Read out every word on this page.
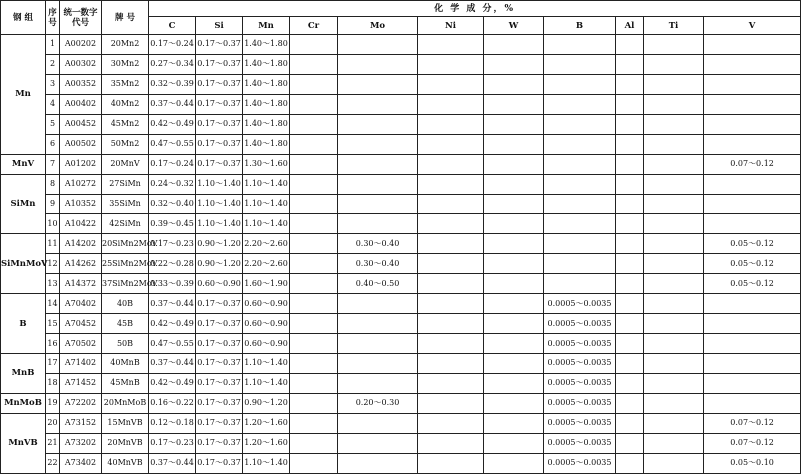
钢 组	序号	统一数字代号	牌 号	化 学 成 分，%										
				C	Si	Mn	Cr	Mo	Ni	W	B	Al	Ti	V
Mn	1	A00202	20Mn2	0.17～0.24	0.17～0.37	1.40～1.80								
	2	A00302	30Mn2	0.27～0.34	0.17～0.37	1.40～1.80								
	3	A00352	35Mn2	0.32～0.39	0.17～0.37	1.40～1.80								
	4	A00402	40Mn2	0.37～0.44	0.17～0.37	1.40～1.80								
	5	A00452	45Mn2	0.42～0.49	0.17～0.37	1.40～1.80								
	6	A00502	50Mn2	0.47～0.55	0.17～0.37	1.40～1.80								
MnV	7	A01202	20MnV	0.17～0.24	0.17～0.37	1.30～1.60								0.07～0.12
SiMn	8	A10272	27SiMn	0.24～0.32	1.10～1.40	1.10～1.40								
	9	A10352	35SiMn	0.32～0.40	1.10～1.40	1.10～1.40								
	10	A10422	42SiMn	0.39～0.45	1.10～1.40	1.10～1.40								
SiMnMoV	11	A14202	20SiMn2MoV	0.17～0.23	0.90～1.20	2.20～2.60		0.30～0.40						0.05～0.12
	12	A14262	25SiMn2MoV	0.22～0.28	0.90～1.20	2.20～2.60		0.30～0.40						0.05～0.12
	13	A14372	37SiMn2MoV	0.33～0.39	0.60～0.90	1.60～1.90		0.40～0.50						0.05～0.12
B	14	A70402	40B	0.37～0.44	0.17～0.37	0.60～0.90					0.0005～0.0035			
	15	A70452	45B	0.42～0.49	0.17～0.37	0.60～0.90					0.0005～0.0035			
	16	A70502	50B	0.47～0.55	0.17～0.37	0.60～0.90					0.0005～0.0035			
MnB	17	A71402	40MnB	0.37～0.44	0.17～0.37	1.10～1.40					0.0005～0.0035			
	18	A71452	45MnB	0.42～0.49	0.17～0.37	1.10～1.40					0.0005～0.0035			
MnMoB	19	A72202	20MnMoB	0.16～0.22	0.17～0.37	0.90～1.20		0.20～0.30			0.0005～0.0035			
MnVB	20	A73152	15MnVB	0.12～0.18	0.17～0.37	1.20～1.60					0.0005～0.0035			0.07～0.12
	21	A73202	20MnVB	0.17～0.23	0.17～0.37	1.20～1.60					0.0005～0.0035			0.07～0.12
	22	A73402	40MnVB	0.37～0.44	0.17～0.37	1.10～1.40					0.0005～0.0035			0.05～0.10
